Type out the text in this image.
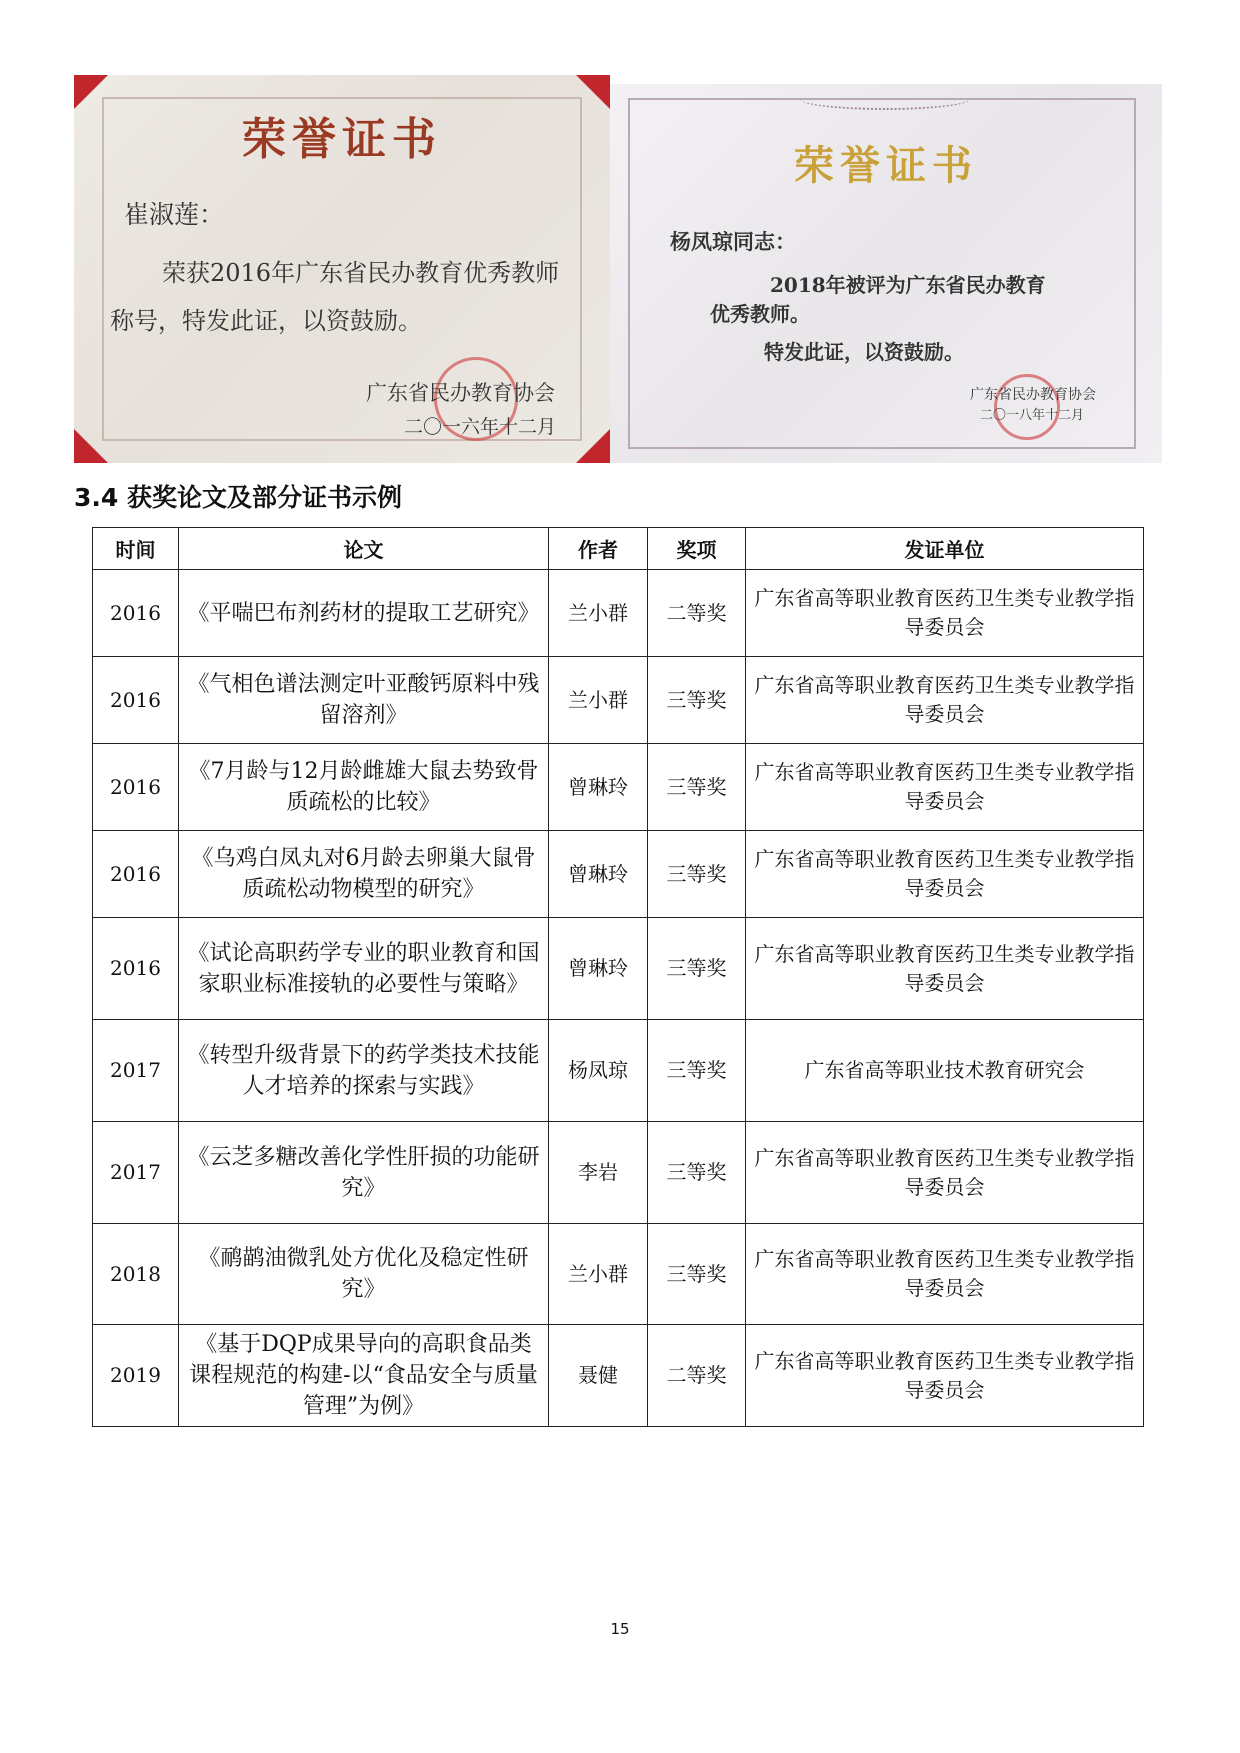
荣誉证书
崔淑莲：
荣获2016年广东省民办教育优秀教师
称号，特发此证，以资鼓励。
广东省民办教育协会
二〇一六年十二月
荣誉证书
杨凤琼同志：
2018年被评为广东省民办教育
优秀教师。
特发此证，以资鼓励。
广东省民办教育协会
二〇一八年十二月
3.4 获奖论文及部分证书示例
时间	论文	作者	奖项	发证单位
2016	《平喘巴布剂药材的提取工艺研究》	兰小群	二等奖	广东省高等职业教育医药卫生类专业教学指导委员会
2016	《气相色谱法测定叶亚酸钙原料中残留溶剂》	兰小群	三等奖	广东省高等职业教育医药卫生类专业教学指导委员会
2016	《7月龄与12月龄雌雄大鼠去势致骨质疏松的比较》	曾琳玲	三等奖	广东省高等职业教育医药卫生类专业教学指导委员会
2016	《乌鸡白凤丸对6月龄去卵巢大鼠骨质疏松动物模型的研究》	曾琳玲	三等奖	广东省高等职业教育医药卫生类专业教学指导委员会
2016	《试论高职药学专业的职业教育和国家职业标准接轨的必要性与策略》	曾琳玲	三等奖	广东省高等职业教育医药卫生类专业教学指导委员会
2017	《转型升级背景下的药学类技术技能人才培养的探索与实践》	杨凤琼	三等奖	广东省高等职业技术教育研究会
2017	《云芝多糖改善化学性肝损的功能研究》	李岩	三等奖	广东省高等职业教育医药卫生类专业教学指导委员会
2018	《鸸鹋油微乳处方优化及稳定性研究》	兰小群	三等奖	广东省高等职业教育医药卫生类专业教学指导委员会
2019	《基于DQP成果导向的高职食品类课程规范的构建-以“食品安全与质量管理”为例》	聂健	二等奖	广东省高等职业教育医药卫生类专业教学指导委员会
15
